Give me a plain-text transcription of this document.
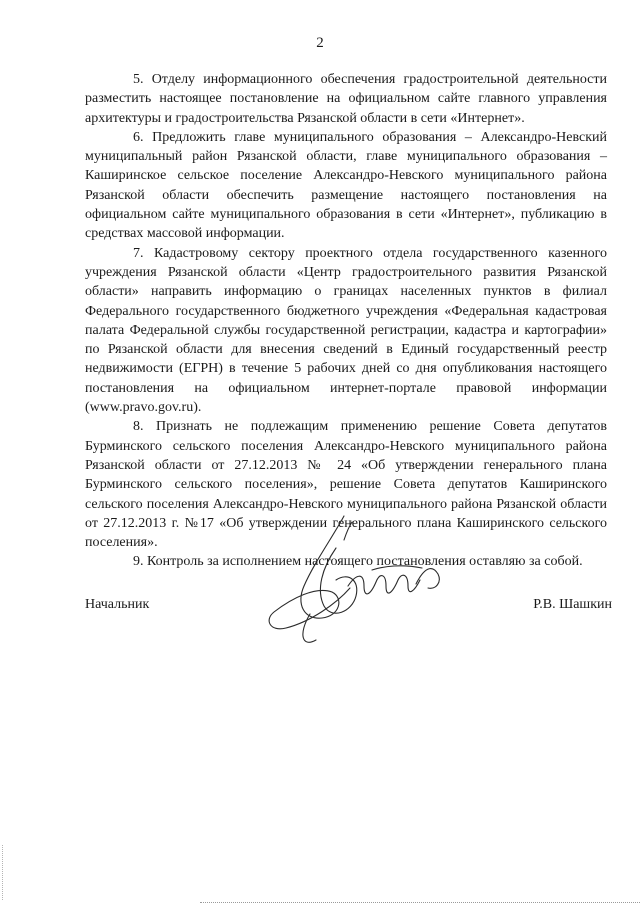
2

5. Отделу информационного обеспечения градостроительной деятельности разместить настоящее постановление на официальном сайте главного управления архитектуры и градостроительства Рязанской области в сети «Интернет».

6. Предложить главе муниципального образования – Александро-Невский муниципальный район Рязанской области, главе муниципального образования – Каширинское сельское поселение Александро-Невского муниципального района Рязанской области обеспечить размещение настоящего постановления на официальном сайте муниципального образования в сети «Интернет», публикацию в средствах массовой информации.

7. Кадастровому сектору проектного отдела государственного казенного учреждения Рязанской области «Центр градостроительного развития Рязанской области» направить информацию о границах населенных пунктов в филиал Федерального государственного бюджетного учреждения «Федеральная кадастровая палата Федеральной службы государственной регистрации, кадастра и картографии» по Рязанской области для внесения сведений в Единый государственный реестр недвижимости (ЕГРН) в течение 5 рабочих дней со дня опубликования настоящего постановления на официальном интернет-портале правовой информации (www.pravo.gov.ru).

8. Признать не подлежащим применению решение Совета депутатов Бурминского сельского поселения Александро-Невского муниципального района Рязанской области от 27.12.2013 № 24 «Об утверждении генерального плана Бурминского сельского поселения», решение Совета депутатов Каширинского сельского поселения Александро-Невского муниципального района Рязанской области от 27.12.2013 г. №17 «Об утверждении генерального плана Каширинского сельского поселения».

9. Контроль за исполнением настоящего постановления оставляю за собой.

Начальник	Р.В. Шашкин
